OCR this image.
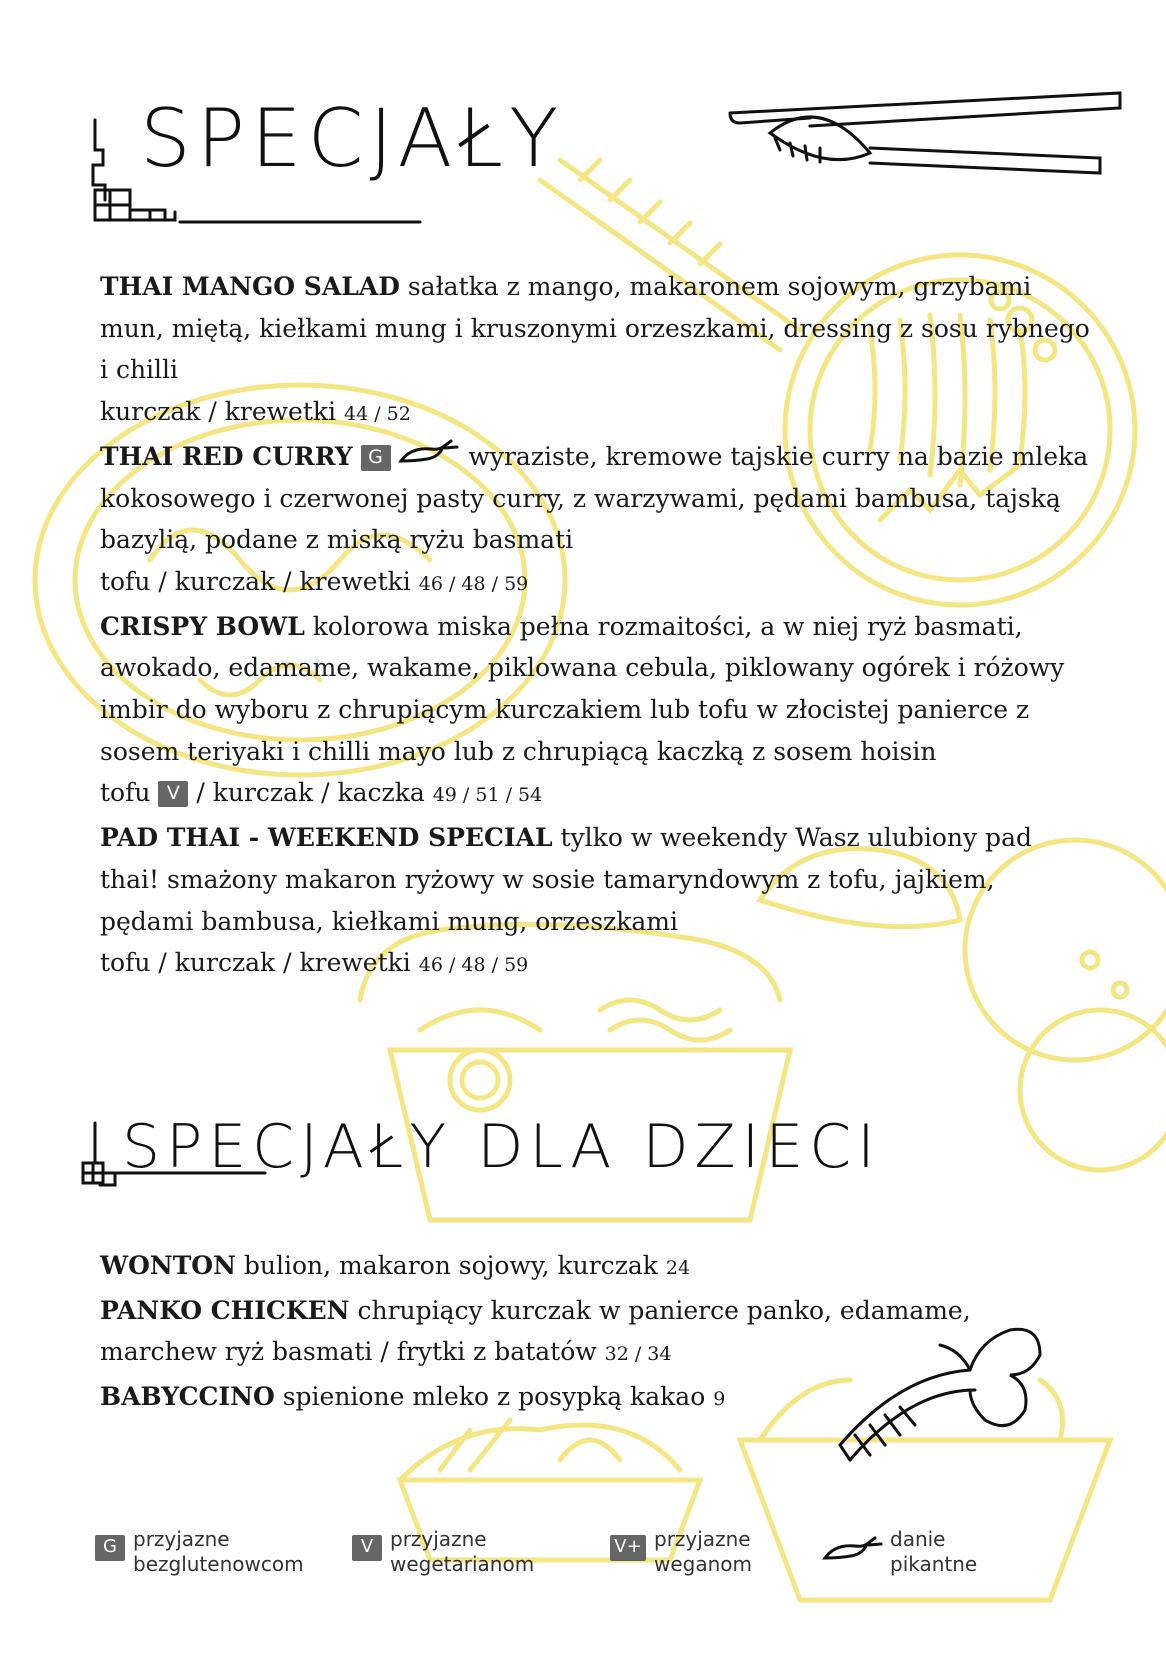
SPECJAŁY
SPECJAŁY DLA DZIECI

THAI MANGO SALAD sałatka z mango, makaronem sojowym, grzybami mun, miętą, kiełkami mung i kruszonymi orzeszkami, dressing z sosu rybnego i chilli

kurczak / krewetki 44 / 52

THAI RED CURRY G	wyraziste, kremowe tajskie curry na bazie mleka kokosowego i czerwonej pasty curry, z warzywami, pędami bambusa, tajską bazylią, podane z miską ryżu basmati

tofu / kurczak / krewetki 46 / 48 / 59

CRISPY BOWL kolorowa miska pełna rozmaitości, a w niej ryż basmati, awokado, edamame, wakame, piklowana cebula, piklowany ogórek i różowy imbir do wyboru z chrupiącym kurczakiem lub tofu w złocistej panierce z sosem teriyaki i chilli mayo lub z chrupiącą kaczką z sosem hoisin

tofu V / kurczak / kaczka 49 / 51 / 54

PAD THAI - WEEKEND SPECIAL tylko w weekendy Wasz ulubiony pad thai! smażony makaron ryżowy w sosie tamaryndowym z tofu, jajkiem, pędami bambusa, kiełkami mung, orzeszkami

tofu / kurczak / krewetki 46 / 48 / 59

WONTON bulion, makaron sojowy, kurczak 24

PANKO CHICKEN chrupiący kurczak w panierce panko, edamame, marchew ryż basmati / frytki z batatów 32 / 34

BABYCCINO spienione mleko z posypką kakao 9

G przyjazne
bezglutenowcom
V przyjazne
wegetarianom
V+ przyjazne
weganom
danie
pikantne
